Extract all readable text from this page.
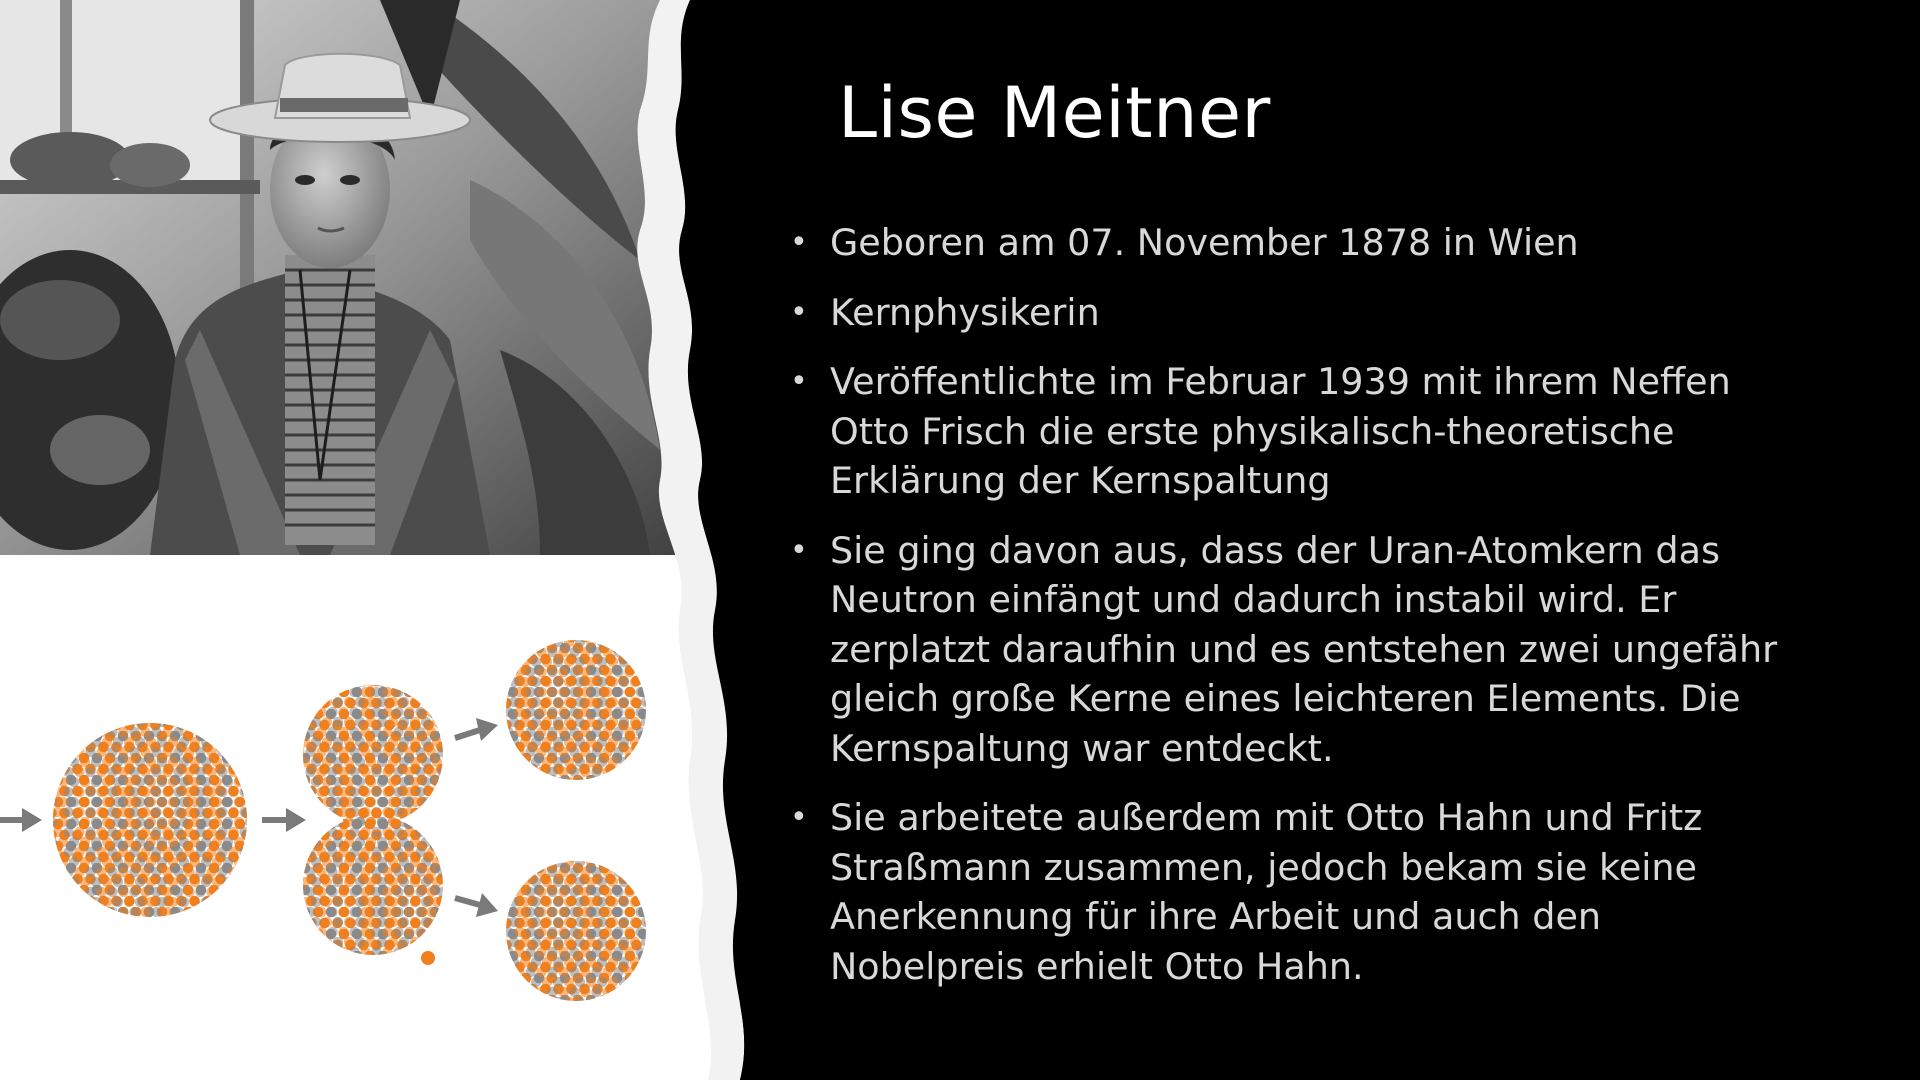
Lise Meitner
• Geboren am 07. November 1878 in Wien
• Kernphysikerin
• Veröffentlichte im Februar 1939 mit ihrem Neffen Otto Frisch die erste physikalisch-theoretische Erklärung der Kernspaltung
• Sie ging davon aus, dass der Uran-Atomkern das Neutron einfängt und dadurch instabil wird. Er zerplatzt daraufhin und es entstehen zwei ungefähr gleich große Kerne eines leichteren Elements. Die Kernspaltung war entdeckt.
• Sie arbeitete außerdem mit Otto Hahn und Fritz Straßmann zusammen, jedoch bekam sie keine Anerkennung für ihre Arbeit und auch den Nobelpreis erhielt Otto Hahn.
